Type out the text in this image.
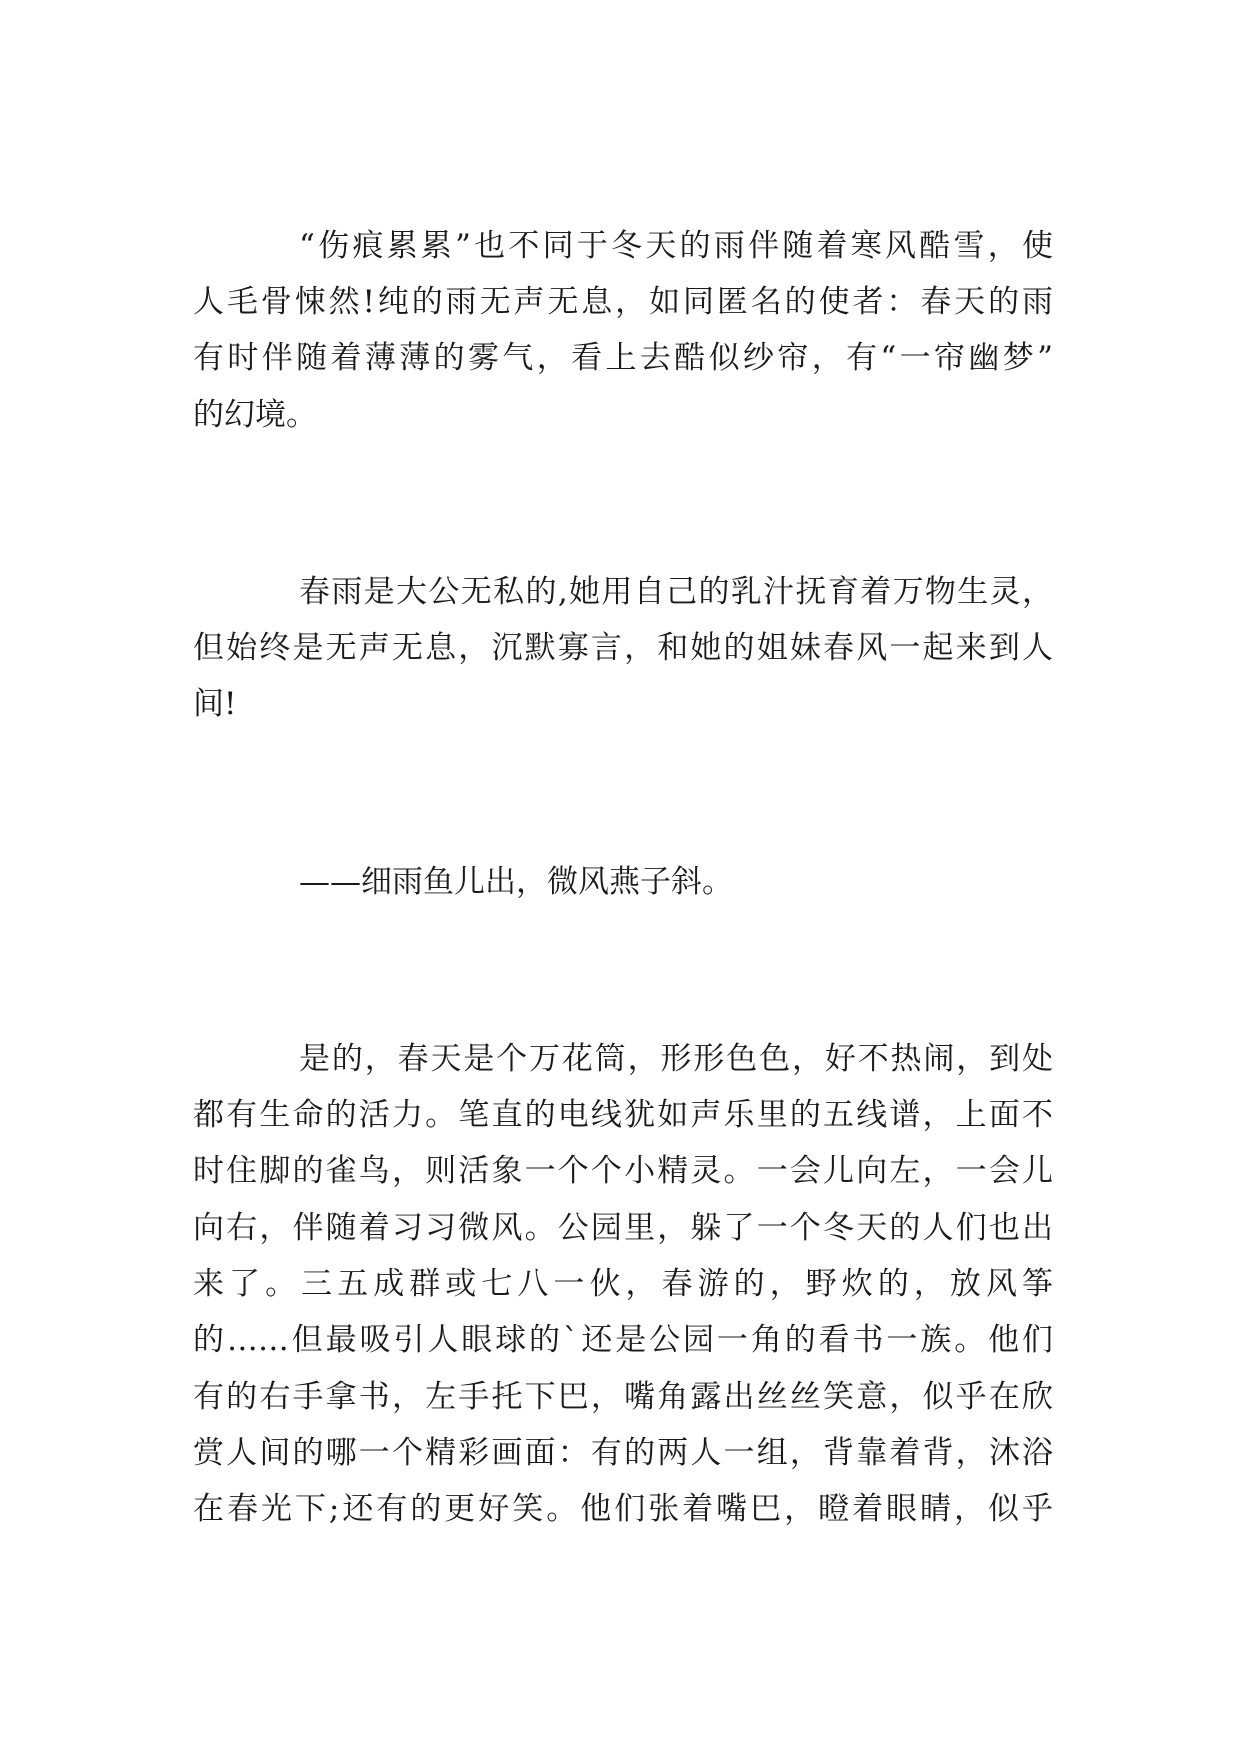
“伤痕累累”也不同于冬天的雨伴随着寒风酷雪，使
人毛骨悚然!纯的雨无声无息，如同匿名的使者：春天的雨
有时伴随着薄薄的雾气，看上去酷似纱帘，有“一帘幽梦”
的幻境。
春雨是大公无私的,她用自己的乳汁抚育着万物生灵，
但始终是无声无息，沉默寡言，和她的姐妹春风一起来到人
间!
——细雨鱼儿出，微风燕子斜。
是的，春天是个万花筒，形形色色，好不热闹，到处
都有生命的活力。笔直的电线犹如声乐里的五线谱，上面不
时住脚的雀鸟，则活象一个个小精灵。一会儿向左，一会儿
向右，伴随着习习微风。公园里，躲了一个冬天的人们也出
来了。三五成群或七八一伙，春游的，野炊的，放风筝
的……但最吸引人眼球的`还是公园一角的看书一族。他们
有的右手拿书，左手托下巴，嘴角露出丝丝笑意，似乎在欣
赏人间的哪一个精彩画面：有的两人一组，背靠着背，沐浴
在春光下;还有的更好笑。他们张着嘴巴，瞪着眼睛，似乎
